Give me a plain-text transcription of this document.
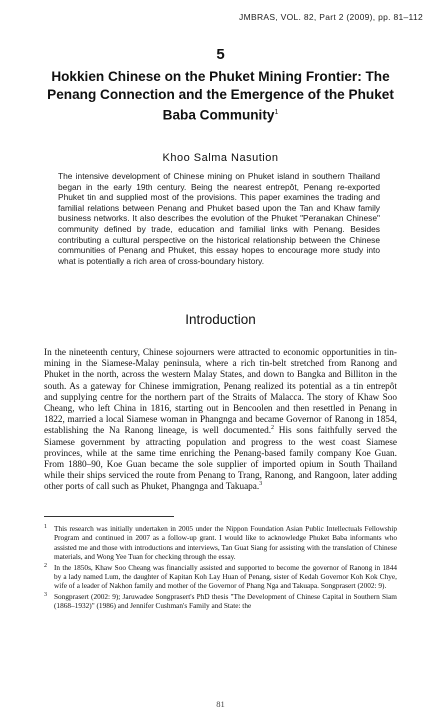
JMBRAS, VOL. 82, Part 2 (2009), pp. 81–112
5
Hokkien Chinese on the Phuket Mining Frontier: The Penang Connection and the Emergence of the Phuket Baba Community$^1$
Khoo Salma Nasution

The intensive development of Chinese mining on Phuket island in southern Thailand began in the early 19th century. Being the nearest entrepôt, Penang re-exported Phuket tin and supplied most of the provisions. This paper examines the trading and familial relations between Penang and Phuket based upon the Tan and Khaw family business networks. It also describes the evolution of the Phuket "Peranakan Chinese" community defined by trade, education and familial links with Penang. Besides contributing a cultural perspective on the historical relationship between the Chinese communities of Penang and Phuket, this essay hopes to encourage more study into what is potentially a rich area of cross-boundary history.

Introduction

In the nineteenth century, Chinese sojourners were attracted to economic opportunities in tin-mining in the Siamese-Malay peninsula, where a rich tin-belt stretched from Ranong and Phuket in the north, across the western Malay States, and down to Bangka and Billiton in the south. As a gateway for Chinese immigration, Penang realized its potential as a tin entrepôt and supplying centre for the northern part of the Straits of Malacca. The story of Khaw Soo Cheang, who left China in 1816, starting out in Bencoolen and then resettled in Penang in 1822, married a local Siamese woman in Phangnga and became Governor of Ranong in 1854, establishing the Na Ranong lineage, is well documented.$^2$ His sons faithfully served the Siamese government by attracting population and progress to the west coast Siamese provinces, while at the same time enriching the Penang-based family company Koe Guan. From 1880–90, Koe Guan became the sole supplier of imported opium in South Thailand while their ships serviced the route from Penang to Trang, Ranong, and Rangoon, later adding other ports of call such as Phuket, Phangnga and Takuapa.$^3$

1 This research was initially undertaken in 2005 under the Nippon Foundation Asian Public Intellectuals Fellowship Program and continued in 2007 as a follow-up grant. I would like to acknowledge Phuket Baba informants who assisted me and those with introductions and interviews, Tan Guat Siang for assisting with the translation of Chinese materials, and Wong Yee Tuan for checking through the essay.
2 In the 1850s, Khaw Soo Cheang was financially assisted and supported to become the governor of Ranong in 1844 by a lady named Lum, the daughter of Kapitan Koh Lay Huan of Penang, sister of Kedah Governor Koh Kok Chye, wife of a leader of Nakhon family and mother of the Governor of Phang Nga and Takuapa. Songprasert (2002: 9).
3 Songprasert (2002: 9); Jaruwadee Songprasert's PhD thesis "The Development of Chinese Capital in Southern Siam (1868–1932)" (1986) and Jennifer Cushman's Family and State: the
81
